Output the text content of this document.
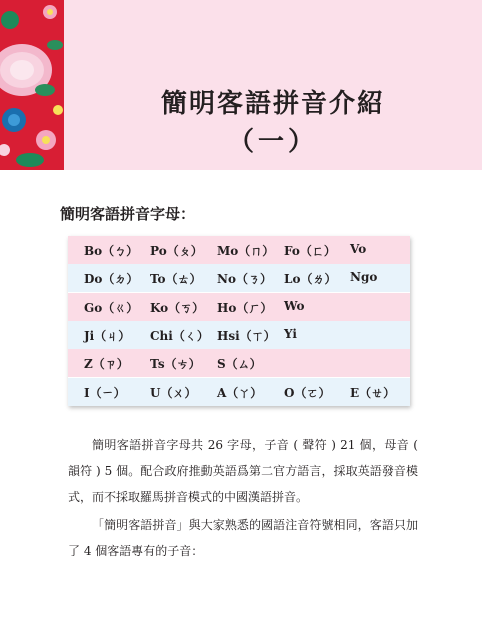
簡明客語拼音介紹
（一）
簡明客語拼音字母：
Bo（ㄅ） Po（ㄆ） Mo（ㄇ） Fo（ㄈ） Vo
Do（ㄉ） To（ㄊ） No（ㄋ） Lo（ㄌ） Ngo
Go（ㄍ） Ko（ㄎ） Ho（ㄏ） Wo
Ji（ㄐ） Chi（ㄑ） Hsi（ㄒ） Yi
Z（ㄗ） Ts（ㄘ） S（ㄙ）
I（ㄧ） U（ㄨ） A（ㄚ） O（ㄛ） E（ㄝ）

簡明客語拼音字母共 26 字母，子音 ( 聲符 ) 21 個，母音 ( 韻符 ) 5 個。配合政府推動英語爲第二官方語言，採取英語發音模式，而不採取羅馬拼音模式的中國漢語拼音。

「簡明客語拼音」與大家熟悉的國語注音符號相同，客語只加了 4 個客語專有的子音：
